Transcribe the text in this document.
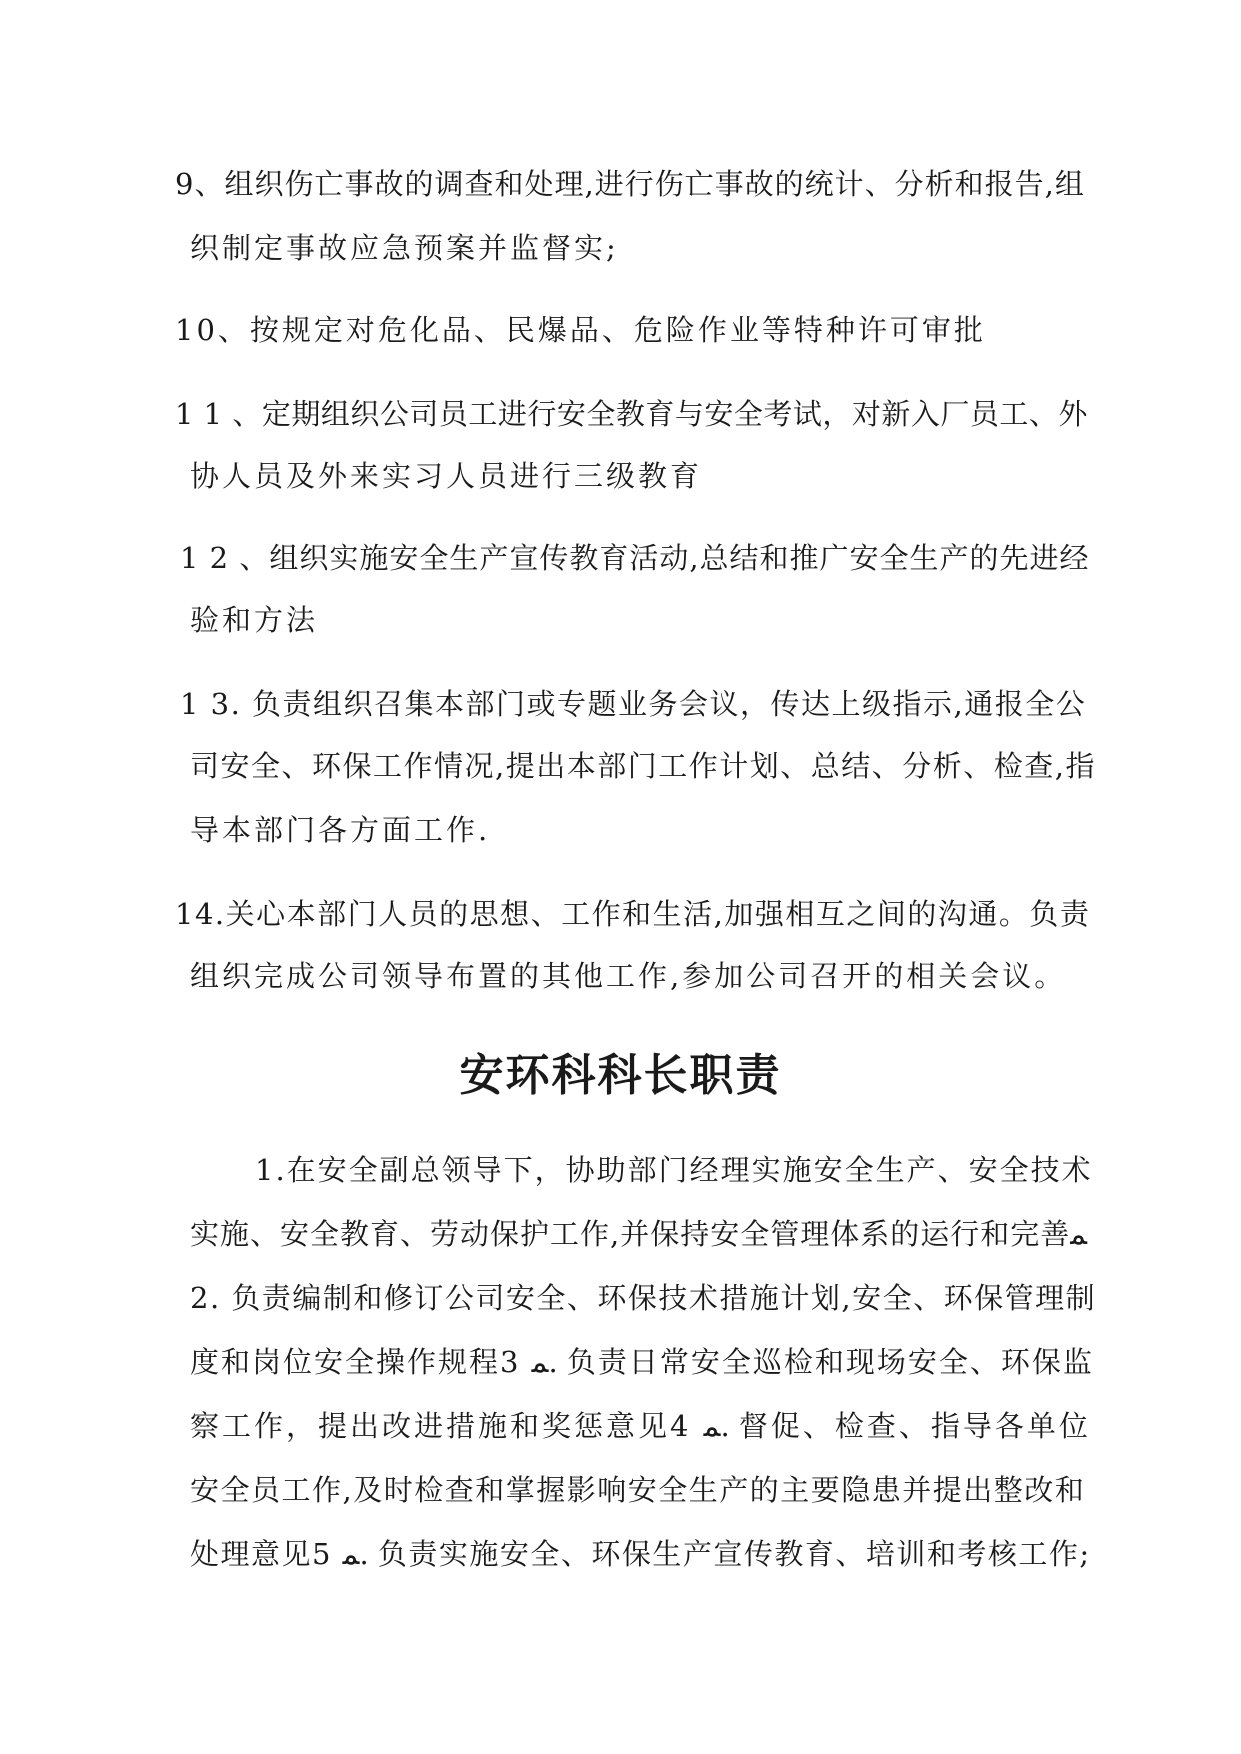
9、组织伤亡事故的调查和处理,进行伤亡事故的统计、分析和报告,组
织制定事故应急预案并监督实;
10、按规定对危化品、民爆品、危险作业等特种许可审批
1 1 、定期组织公司员工进行安全教育与安全考试，对新入厂员工、外
协人员及外来实习人员进行三级教育
1 2 、组织实施安全生产宣传教育活动,总结和推广安全生产的先进经
验和方法
1 3. 负责组织召集本部门或专题业务会议，传达上级指示,通报全公
司安全、环保工作情况,提出本部门工作计划、总结、分析、检查,指
导本部门各方面工作.
14.关心本部门人员的思想、工作和生活,加强相互之间的沟通。负责
组织完成公司领导布置的其他工作,参加公司召开的相关会议。
安环科科长职责
1.在安全副总领导下，协助部门经理实施安全生产、安全技术
实施、安全教育、劳动保护工作,并保持安全管理体系的运行和完善﻿ﻤ
2. 负责编制和修订公司安全、环保技术措施计划,安全、环保管理制
度和岗位安全操作规程3 ﻤ. 负责日常安全巡检和现场安全、环保监
察工作，提出改进措施和奖惩意见4 ﻤ. 督促、检查、指导各单位
安全员工作,及时检查和掌握影响安全生产的主要隐患并提出整改和
处理意见5 ﻤ. 负责实施安全、环保生产宣传教育、培训和考核工作;
